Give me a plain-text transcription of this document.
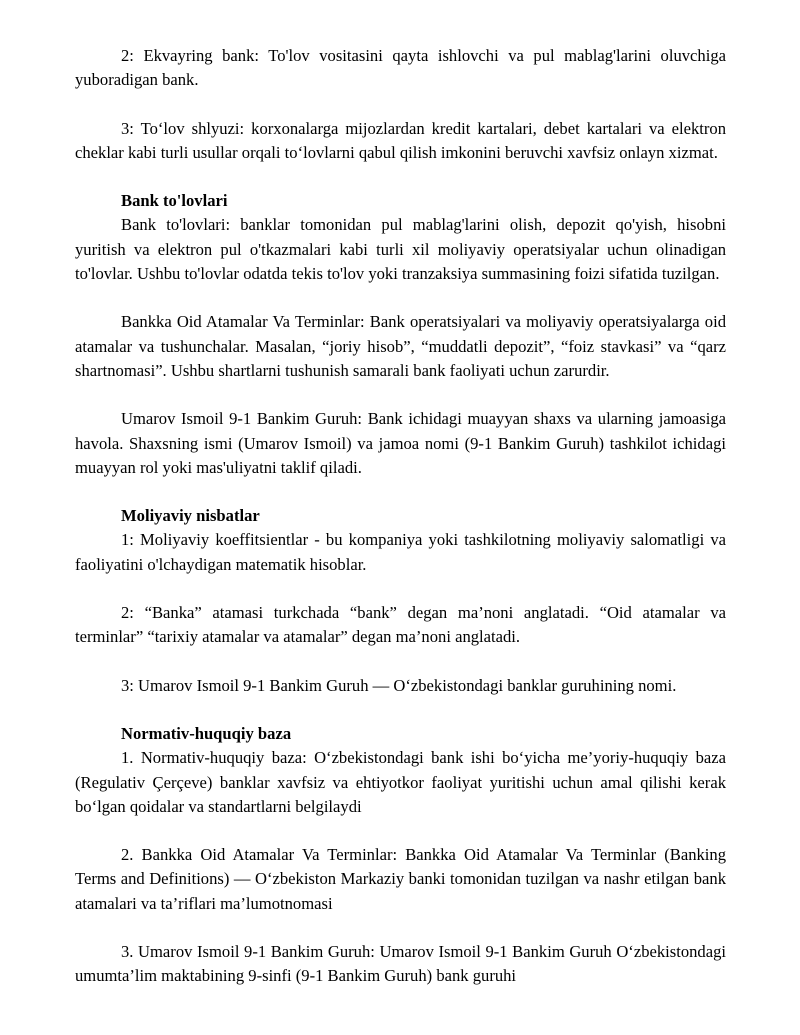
2: Ekvayring bank: To'lov vositasini qayta ishlovchi va pul mablag'larini oluvchiga yuboradigan bank.

3: To‘lov shlyuzi: korxonalarga mijozlardan kredit kartalari, debet kartalari va elektron cheklar kabi turli usullar orqali to‘lovlarni qabul qilish imkonini beruvchi xavfsiz onlayn xizmat.

Bank to'lovlari

Bank to'lovlari: banklar tomonidan pul mablag'larini olish, depozit qo'yish, hisobni yuritish va elektron pul o'tkazmalari kabi turli xil moliyaviy operatsiyalar uchun olinadigan to'lovlar. Ushbu to'lovlar odatda tekis to'lov yoki tranzaksiya summasining foizi sifatida tuzilgan.

Bankka Oid Atamalar Va Terminlar: Bank operatsiyalari va moliyaviy operatsiyalarga oid atamalar va tushunchalar. Masalan, “joriy hisob”, “muddatli depozit”, “foiz stavkasi” va “qarz shartnomasi”. Ushbu shartlarni tushunish samarali bank faoliyati uchun zarurdir.

Umarov Ismoil 9-1 Bankim Guruh: Bank ichidagi muayyan shaxs va ularning jamoasiga havola. Shaxsning ismi (Umarov Ismoil) va jamoa nomi (9-1 Bankim Guruh) tashkilot ichidagi muayyan rol yoki mas'uliyatni taklif qiladi.

Moliyaviy nisbatlar

1: Moliyaviy koeffitsientlar - bu kompaniya yoki tashkilotning moliyaviy salomatligi va faoliyatini o'lchaydigan matematik hisoblar.

2: “Banka” atamasi turkchada “bank” degan ma’noni anglatadi. “Oid atamalar va terminlar” “tarixiy atamalar va atamalar” degan ma’noni anglatadi.

3: Umarov Ismoil 9-1 Bankim Guruh — O‘zbekistondagi banklar guruhining nomi.

Normativ-huquqiy baza

1. Normativ-huquqiy baza: O‘zbekistondagi bank ishi bo‘yicha me’yoriy-huquqiy baza (Regulativ Çerçeve) banklar xavfsiz va ehtiyotkor faoliyat yuritishi uchun amal qilishi kerak bo‘lgan qoidalar va standartlarni belgilaydi

2. Bankka Oid Atamalar Va Terminlar: Bankka Oid Atamalar Va Terminlar (Banking Terms and Definitions) — O‘zbekiston Markaziy banki tomonidan tuzilgan va nashr etilgan bank atamalari va ta’riflari ma’lumotnomasi

3. Umarov Ismoil 9-1 Bankim Guruh: Umarov Ismoil 9-1 Bankim Guruh O‘zbekistondagi umumta’lim maktabining 9-sinfi (9-1 Bankim Guruh) bank guruhi
